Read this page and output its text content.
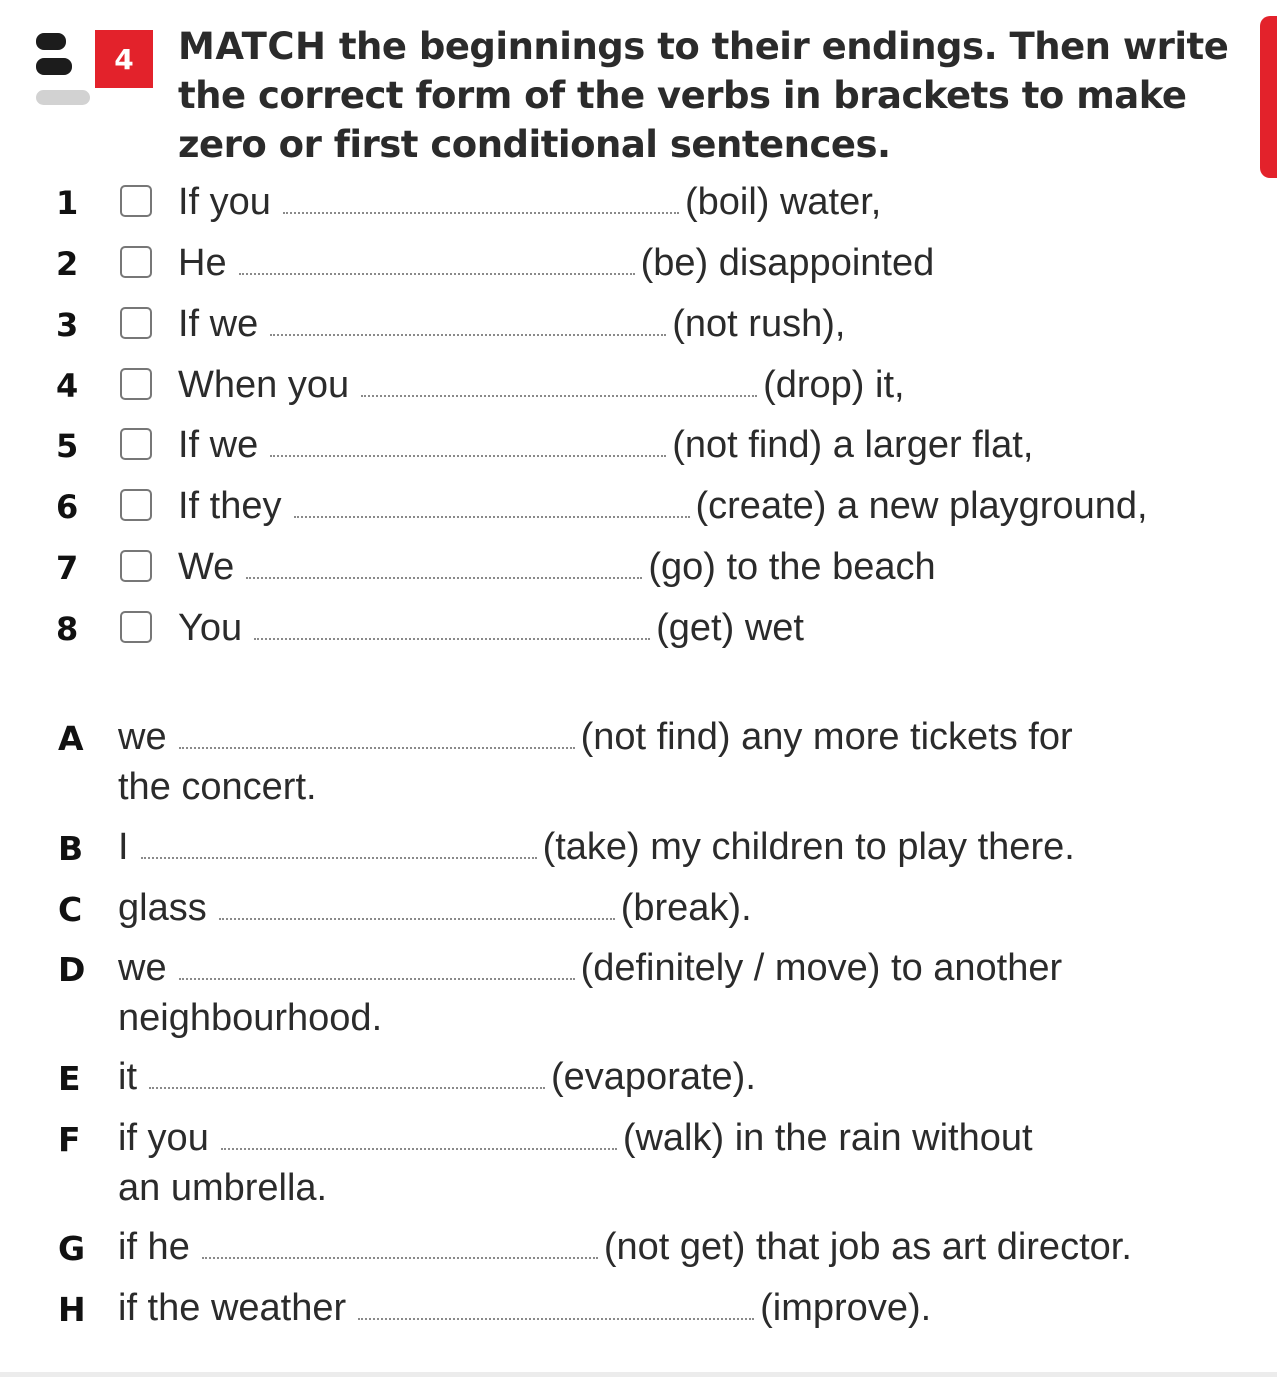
4	MATCH the beginnings to their endings. Then write the correct form of the verbs in brackets to make zero or first conditional sentences.
1	If you	(boil) water,
2	He	(be) disappointed
3	If we	(not rush),
4	When you	(drop) it,
5	If we	(not find) a larger flat,
6	If they	(create) a new playground,
7	We	(go) to the beach
8	You	(get) wet
A we	(not find) any more tickets for
the concert.
B I	(take) my children to play there.
C glass	(break).
D we	(definitely / move) to another
neighbourhood.
E it	(evaporate).
F if you	(walk) in the rain without
an umbrella.
G if he	(not get) that job as art director.
H if the weather	(improve).
